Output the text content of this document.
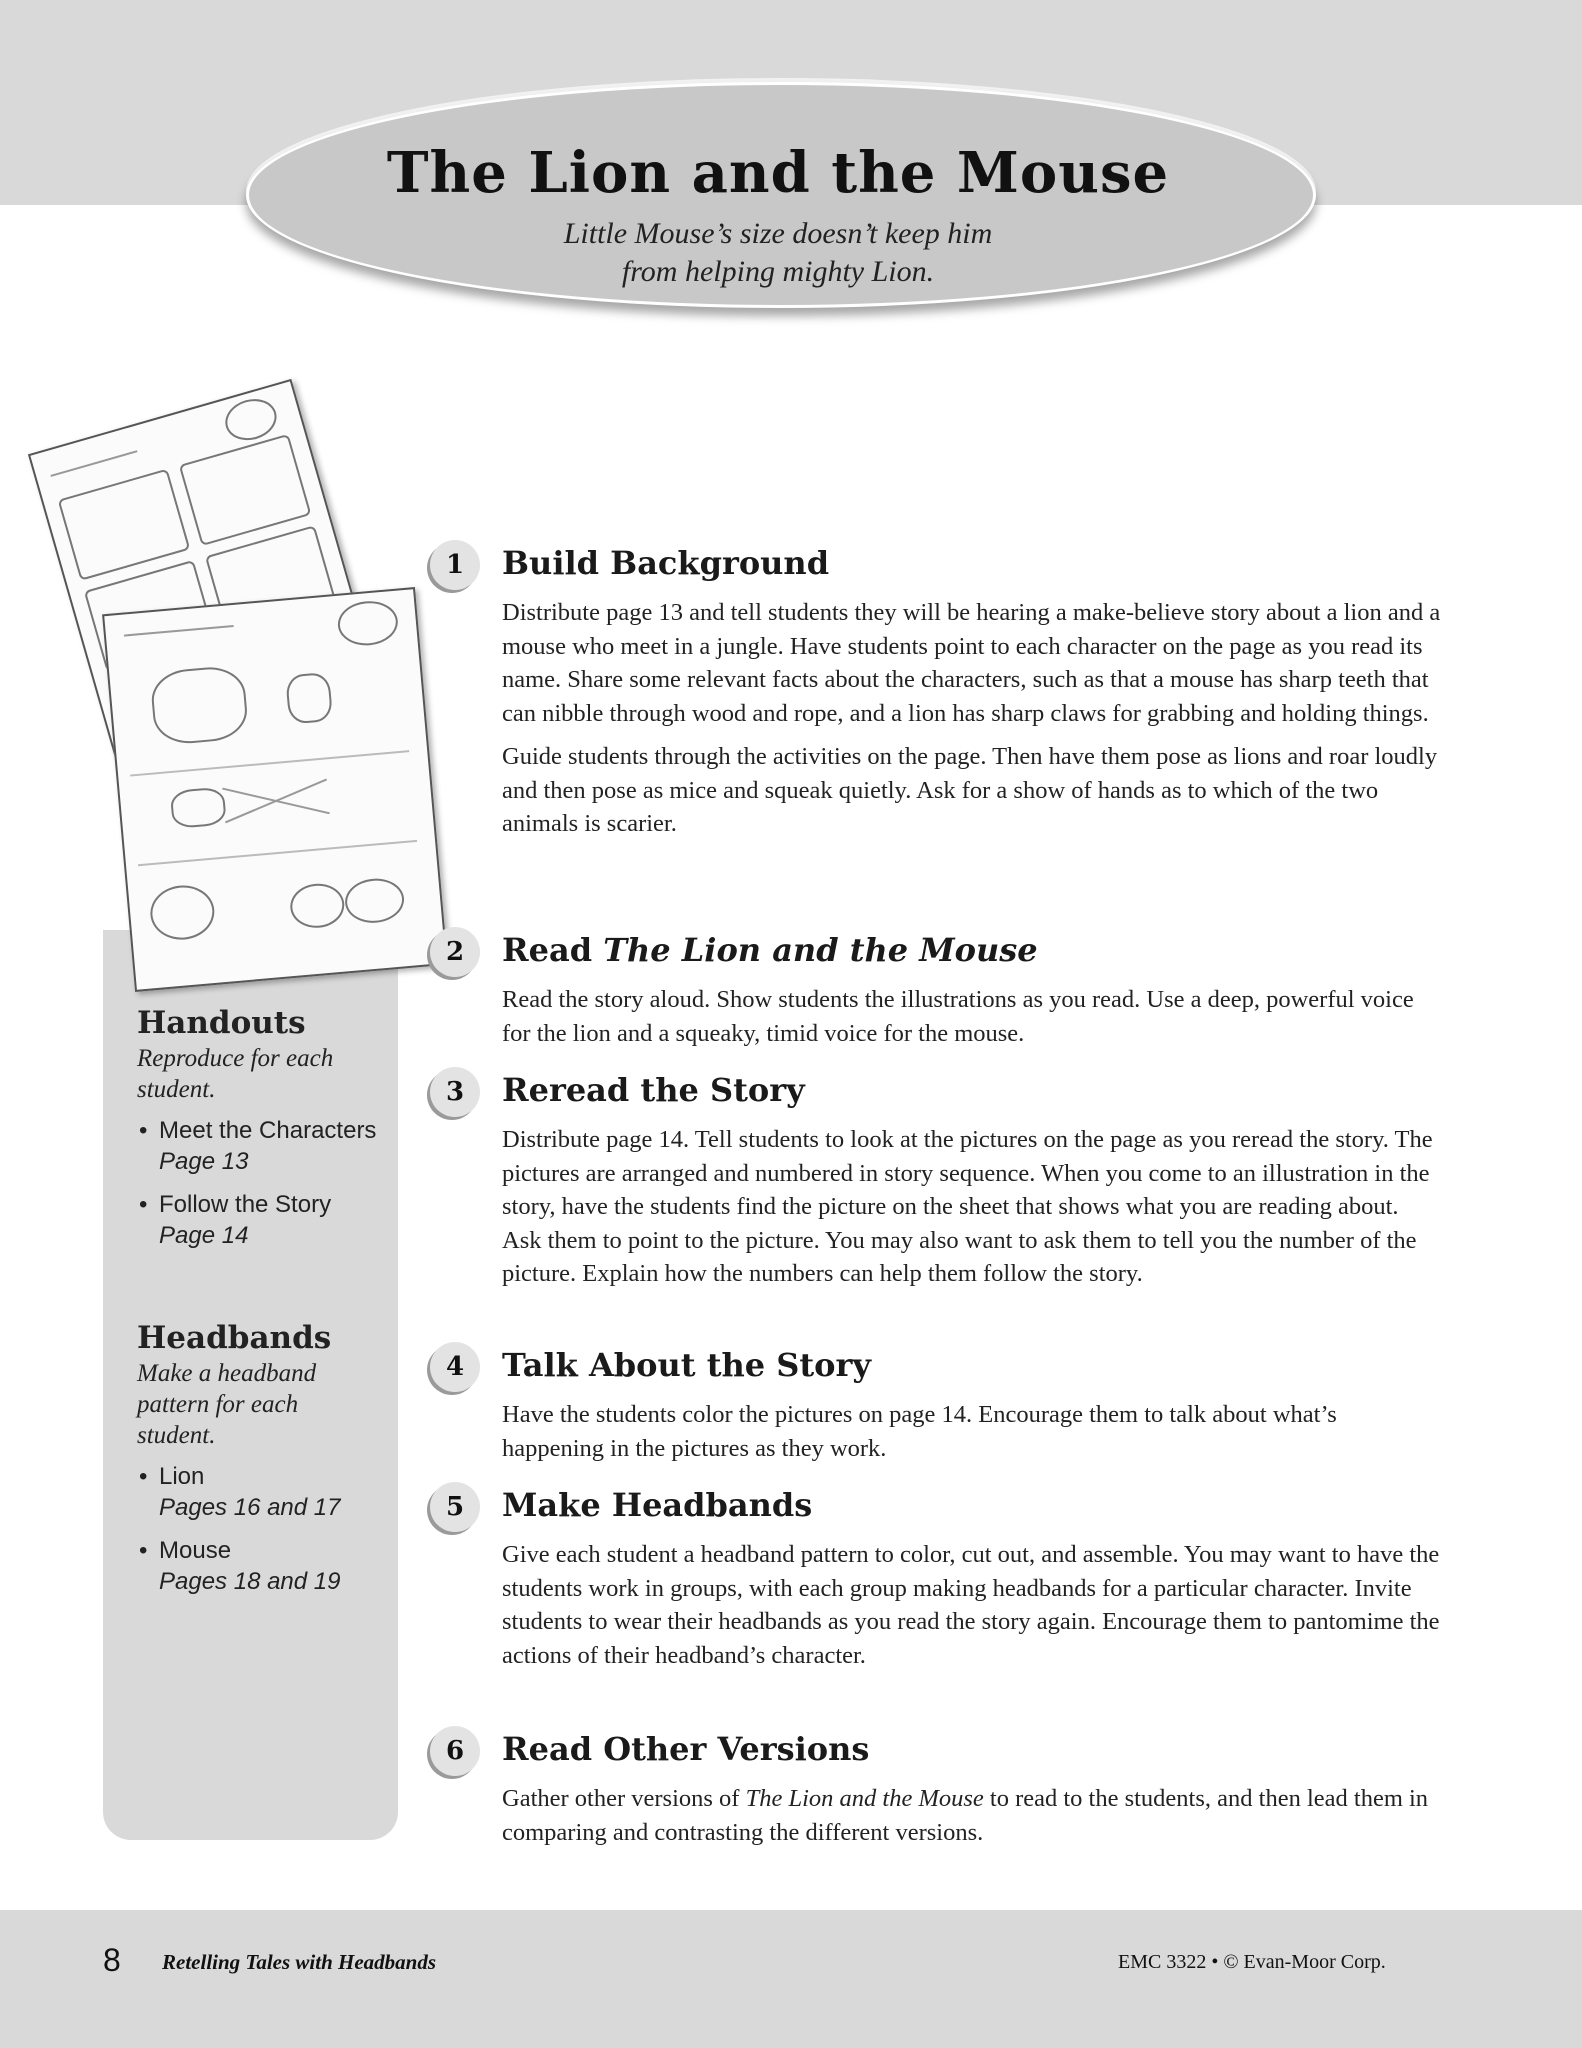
The Lion and the Mouse
Little Mouse’s size doesn’t keep him
from helping mighty Lion.
Handouts
Reproduce for each student.
• Meet the Characters
Page 13
• Follow the Story
Page 14
Headbands
Make a headband pattern for each student.
• Lion
Pages 16 and 17
• Mouse
Pages 18 and 19
1	Build Background

Distribute page 13 and tell students they will be hearing a make-believe story about a lion and a mouse who meet in a jungle. Have students point to each character on the page as you read its name. Share some relevant facts about the characters, such as that a mouse has sharp teeth that can nibble through wood and rope, and a lion has sharp claws for grabbing and holding things.

Guide students through the activities on the page. Then have them pose as lions and roar loudly and then pose as mice and squeak quietly. Ask for a show of hands as to which of the two animals is scarier.

2	Read The Lion and the Mouse

Read the story aloud. Show students the illustrations as you read. Use a deep, powerful voice for the lion and a squeaky, timid voice for the mouse.

3	Reread the Story

Distribute page 14. Tell students to look at the pictures on the page as you reread the story. The pictures are arranged and numbered in story sequence. When you come to an illustration in the story, have the students find the picture on the sheet that shows what you are reading about. Ask them to point to the picture. You may also want to ask them to tell you the number of the picture. Explain how the numbers can help them follow the story.

4	Talk About the Story

Have the students color the pictures on page 14. Encourage them to talk about what’s happening in the pictures as they work.

5	Make Headbands

Give each student a headband pattern to color, cut out, and assemble. You may want to have the students work in groups, with each group making headbands for a particular character. Invite students to wear their headbands as you read the story again. Encourage them to pantomime the actions of their headband’s character.

6	Read Other Versions

Gather other versions of The Lion and the Mouse to read to the students, and then lead them in comparing and contrasting the different versions.

8 Retelling Tales with Headbands	EMC 3322 • © Evan-Moor Corp.
